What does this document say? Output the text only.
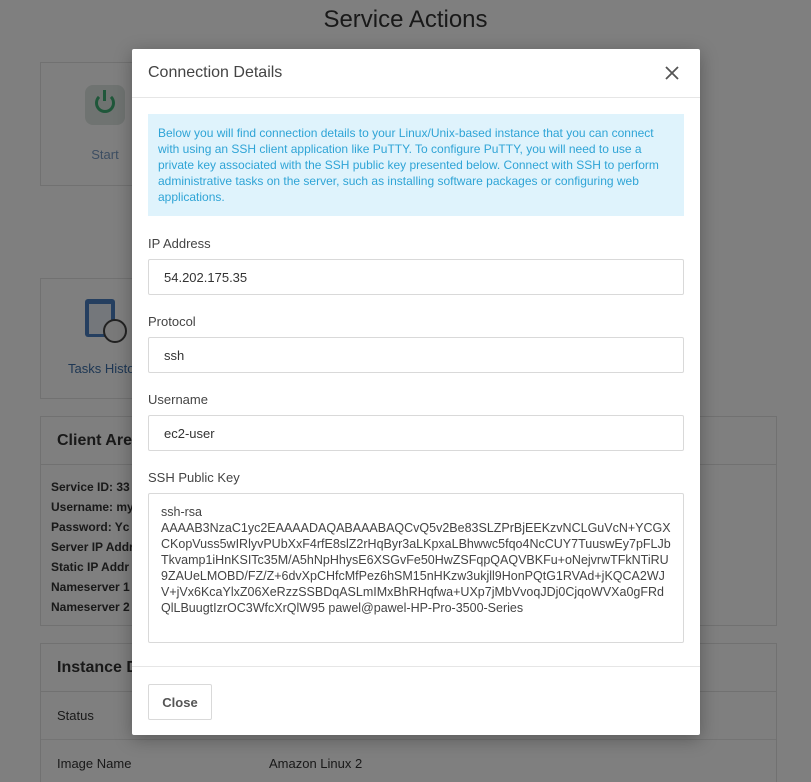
Connection Details
Below you will find connection details to your Linux/Unix-based instance that you can connect with using an SSH client application like PuTTY. To configure PuTTY, you will need to use a private key associated with the SSH public key presented below. Connect with SSH to perform administrative tasks on the server, such as installing software packages or configuring web applications.
IP Address
54.202.175.35
Protocol
ssh
Username
ec2-user
SSH Public Key
ssh-rsa AAAAB3NzaC1yc2EAAAADAQABAAABAQCvQ5v2Be83SLZPrBjEEKzvNCLGuVcN+YCGXCKopVuss5wIRlyvPUbXxF4rfE8slZ2rHqByr3aLKpxaLBhwwc5fqo4NcCUY7TuuswEy7pFLJbTkvamp1iHnKSITc35M/A5hNpHhysE6XSGvFe50HwZSFqpQAQVBKFu+oNejvrwTFkNTiRU9ZAUeLMOBD/FZ/Z+6dvXpCHfcMfPez6hSM15nHKzw3ukjll9HonPQtG1RVAd+jKQCA2WJV+jVx6KcaYlxZ06XeRzzSSBDqASLmIMxBhRHqfwa+UXp7jMbVvoqJDj0CjqoWVXa0gFRdQlLBuugtIzrOC3WfcXrQlW95 pawel@pawel-HP-Pro-3500-Series
Close
